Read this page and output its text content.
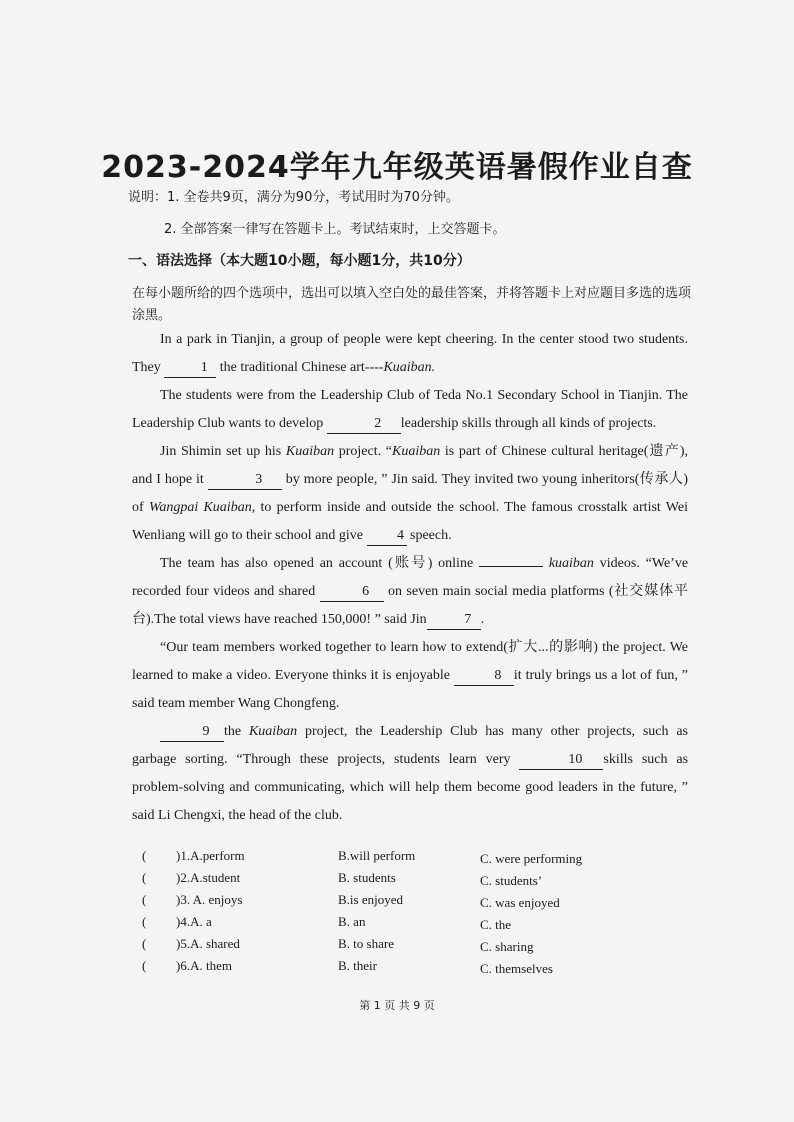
2023-2024学年九年级英语暑假作业自查
说明：1. 全卷共9页，满分为90分，考试用时为70分钟。
2. 全部答案一律写在答题卡上。考试结束时，上交答题卡。
一、语法选择（本大题10小题，每小题1分，共10分）
在每小题所给的四个选项中，选出可以填入空白处的最佳答案，并将答题卡上对应题目多选的选项涂黑。

In a park in Tianjin, a group of people were kept cheering. In the center stood two students. They	1 the traditional Chinese art----Kuaiban.

The students were from the Leadership Club of Teda No.1 Secondary School in Tianjin. The Leadership Club wants to develop	2 leadership skills through all kinds of projects.

Jin Shimin set up his Kuaiban project. “Kuaiban is part of Chinese cultural heritage(遗产), and I hope it	3 by more people, ” Jin said. They invited two young inheritors(传承人) of Wangpai Kuaiban, to perform inside and outside the school. The famous crosstalk artist Wei Wenliang will go to their school and give 4 speech.

The team has also opened an account (账号) online	kuaiban videos. “We’ve recorded four videos and shared	6 on seven main social media platforms (社交媒体平台).The total views have reached 150,000! ” said Jin	7 .

“Our team members worked together to learn how to extend(扩大...的影响) the project. We learned to make a video. Everyone thinks it is enjoyable	8 it truly brings us a lot of fun, ” said team member Wang Chongfeng.

9 the Kuaiban project, the Leadership Club has many other projects, such as garbage sorting. “Through these projects, students learn very	10 skills such as problem-solving and communicating, which will help them become good leaders in the future, ” said Li Chengxi, the head of the club.

( )1.A.perform	B.will perform	C. were performing
( )2.A.student	B. students	C. students’
( )3. A. enjoys	B.is enjoyed	C. was enjoyed
( )4.A. a	B. an	C. the
( )5.A. shared	B. to share	C. sharing
( )6.A. them	B. their	C. themselves
第 1 页 共 9 页
